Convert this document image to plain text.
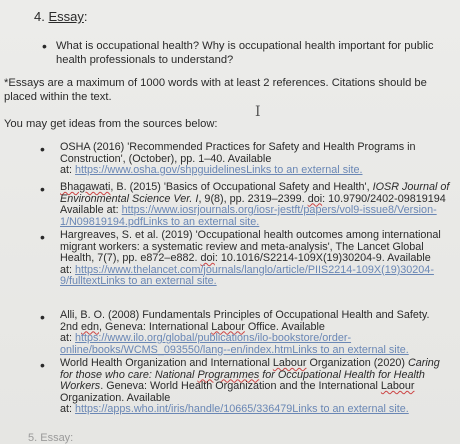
4. Essay:
• What is occupational health? Why is occupational health important for public health professionals to understand?
*Essays are a maximum of 1000 words with at least 2 references. Citations should be placed within the text.
I
You may get ideas from the sources below:
• OSHA (2016) 'Recommended Practices for Safety and Health Programs in Construction', (October), pp. 1–40. Available
at: https://www.osha.gov/shpguidelinesLinks to an external site.
• Bhagawati, B. (2015) 'Basics of Occupational Safety and Health', IOSR Journal of Environmental Science Ver. I, 9(8), pp. 2319–2399. doi: 10.9790/2402-09819194 Available at: https://www.iosrjournals.org/iosr-jestft/papers/vol9-issue8/Version-1/N09819194.pdfLinks to an external site.
• Hargreaves, S. et al. (2019) 'Occupational health outcomes among international migrant workers: a systematic review and meta-analysis', The Lancet Global Health, 7(7), pp. e872–e882. doi: 10.1016/S2214-109X(19)30204-9. Available
at: https://www.thelancet.com/journals/langlo/article/PIIS2214-109X(19)30204-9/fulltextLinks to an external site.
• Alli, B. O. (2008) Fundamentals Principles of Occupational Health and Safety. 2nd edn, Geneva: International Labour Office. Available
at: https://www.ilo.org/global/publications/ilo-bookstore/order-online/books/WCMS_093550/lang--en/index.htmLinks to an external site.
• World Health Organization and International Labour Organization (2020) Caring for those who care: National Programmes for Occupational Health for Health Workers. Geneva: World Health Organization and the International Labour Organization. Available
at: https://apps.who.int/iris/handle/10665/336479Links to an external site.
5. Essay:
